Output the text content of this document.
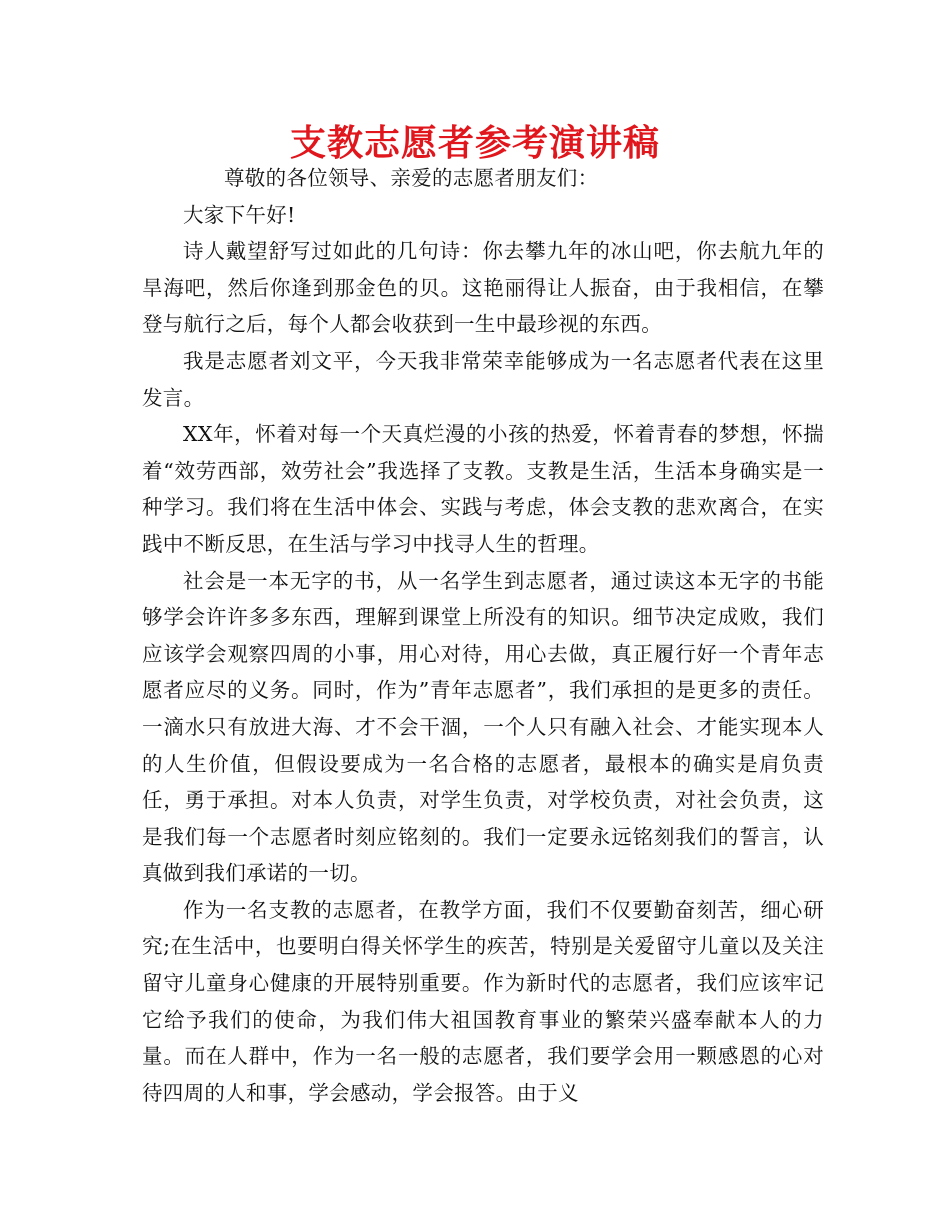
支教志愿者参考演讲稿

尊敬的各位领导、亲爱的志愿者朋友们：

大家下午好!

诗人戴望舒写过如此的几句诗：你去攀九年的冰山吧，你去航九年的旱海吧，然后你逢到那金色的贝。这艳丽得让人振奋，由于我相信，在攀登与航行之后，每个人都会收获到一生中最珍视的东西。

我是志愿者刘文平，今天我非常荣幸能够成为一名志愿者代表在这里发言。

XX年，怀着对每一个天真烂漫的小孩的热爱，怀着青春的梦想，怀揣着“效劳西部，效劳社会”我选择了支教。支教是生活，生活本身确实是一种学习。我们将在生活中体会、实践与考虑，体会支教的悲欢离合，在实践中不断反思，在生活与学习中找寻人生的哲理。

社会是一本无字的书，从一名学生到志愿者，通过读这本无字的书能够学会许许多多东西，理解到课堂上所没有的知识。细节决定成败，我们应该学会观察四周的小事，用心对待，用心去做，真正履行好一个青年志愿者应尽的义务。同时，作为”青年志愿者”，我们承担的是更多的责任。一滴水只有放进大海、才不会干涸，一个人只有融入社会、才能实现本人的人生价值，但假设要成为一名合格的志愿者，最根本的确实是肩负责任，勇于承担。对本人负责，对学生负责，对学校负责，对社会负责，这是我们每一个志愿者时刻应铭刻的。我们一定要永远铭刻我们的誓言，认真做到我们承诺的一切。

作为一名支教的志愿者，在教学方面，我们不仅要勤奋刻苦，细心研究;在生活中，也要明白得关怀学生的疾苦，特别是关爱留守儿童以及关注留守儿童身心健康的开展特别重要。作为新时代的志愿者，我们应该牢记它给予我们的使命，为我们伟大祖国教育事业的繁荣兴盛奉献本人的力量。而在人群中，作为一名一般的志愿者，我们要学会用一颗感恩的心对待四周的人和事，学会感动，学会报答。由于义
